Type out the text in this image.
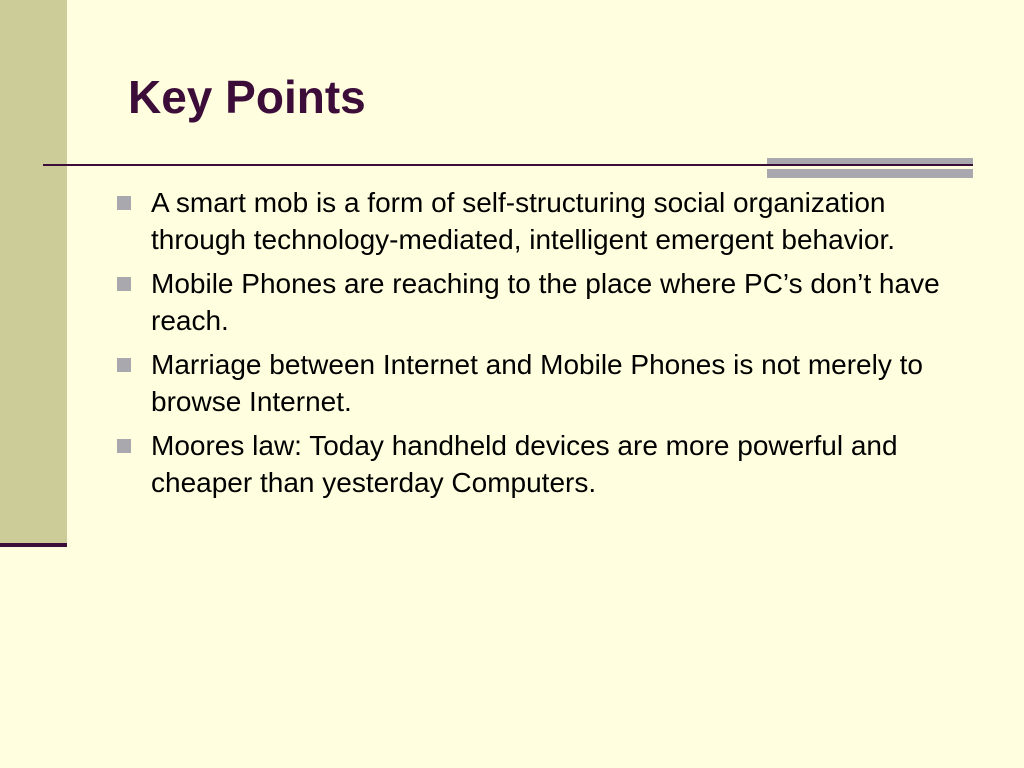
Key Points
A smart mob is a form of self-structuring social organization through technology-mediated, intelligent emergent behavior.
Mobile Phones are reaching to the place where PC’s don’t have reach.
Marriage between Internet and Mobile Phones is not merely to browse Internet.
Moores law: Today handheld devices are more powerful and cheaper than yesterday Computers.
